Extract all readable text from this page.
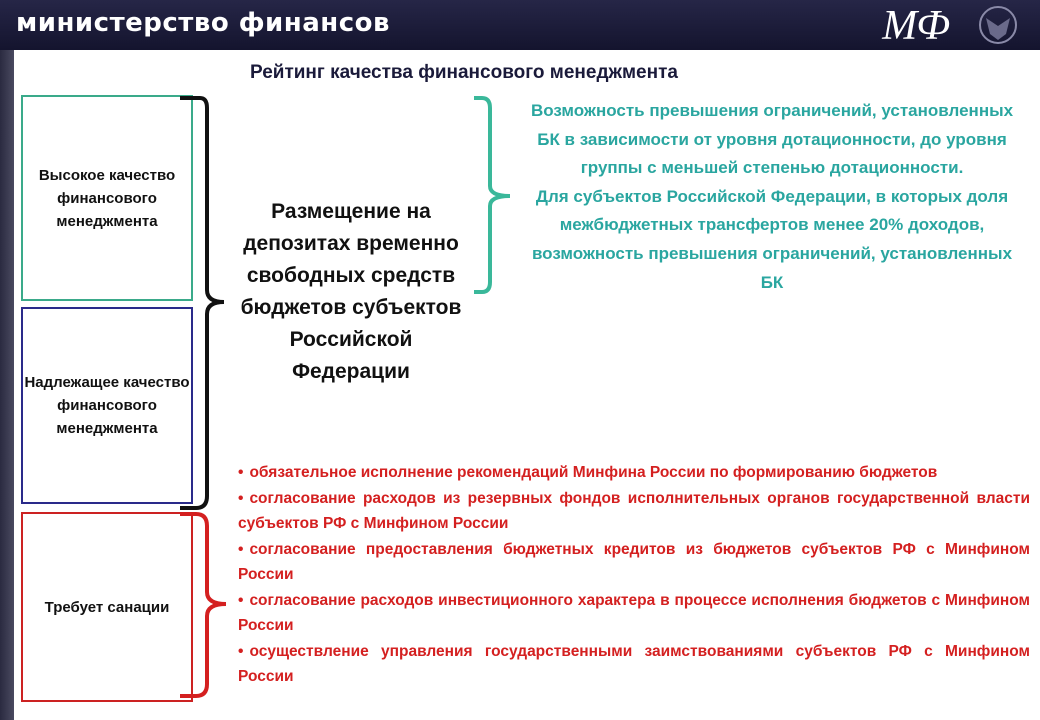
министерство финансов	МФ
Рейтинг качества финансового менеджмента
Высокое качество финансового менеджмента
Надлежащее качество финансового менеджмента
Требует санации
Размещение на депозитах временно свободных средств бюджетов субъектов Российской Федерации
Возможность превышения ограничений, установленных БК в зависимости от уровня дотационности, до уровня группы с меньшей степенью дотационности.
Для субъектов Российской Федерации, в которых доля межбюджетных трансфертов менее 20% доходов, возможность превышения ограничений, установленных БК
• обязательное исполнение рекомендаций Минфина России по формированию бюджетов
• согласование расходов из резервных фондов исполнительных органов государственной власти субъектов РФ с Минфином России
• согласование предоставления бюджетных кредитов из бюджетов субъектов РФ с Минфином России
• согласование расходов инвестиционного характера в процессе исполнения бюджетов с Минфином России
• осуществление управления государственными заимствованиями субъектов РФ с Минфином России
